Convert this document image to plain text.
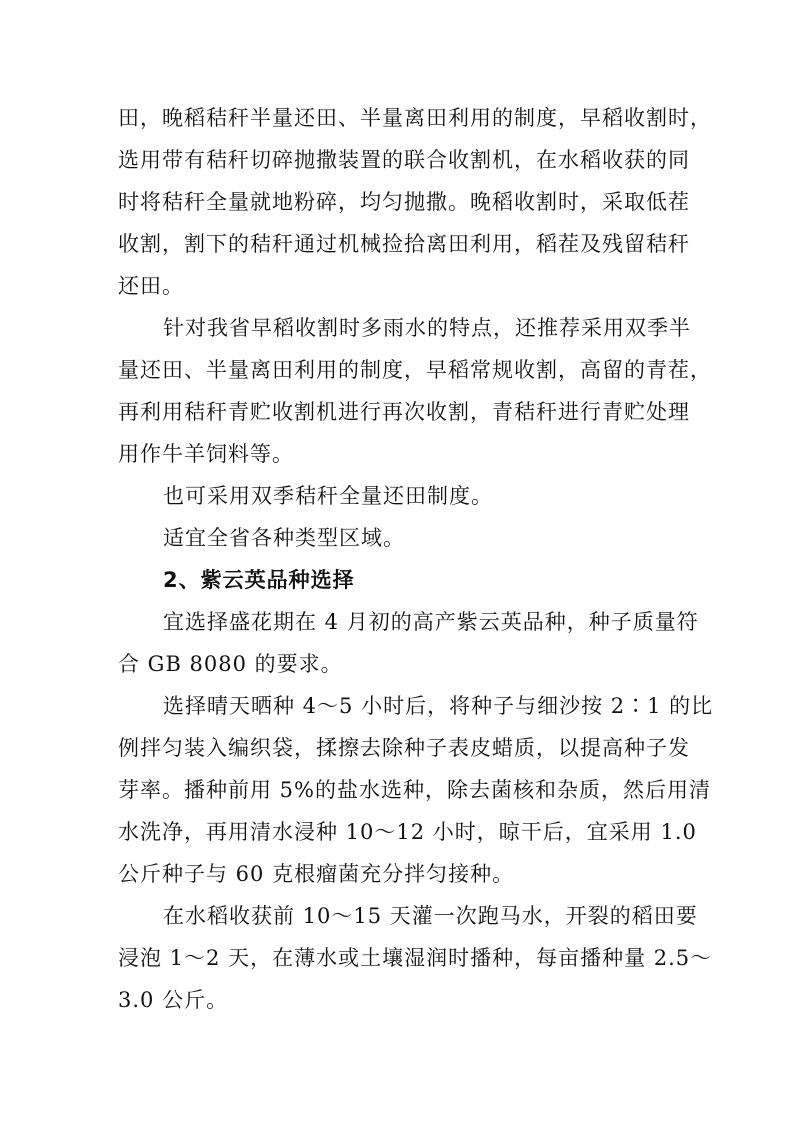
田，晚稻秸秆半量还田、半量离田利用的制度，早稻收割时，
选用带有秸秆切碎抛撒装置的联合收割机，在水稻收获的同
时将秸秆全量就地粉碎，均匀抛撒。晚稻收割时，采取低茬
收割，割下的秸秆通过机械捡拾离田利用，稻茬及残留秸秆
还田。
针对我省早稻收割时多雨水的特点，还推荐采用双季半
量还田、半量离田利用的制度，早稻常规收割，高留的青茬，
再利用秸秆青贮收割机进行再次收割，青秸秆进行青贮处理
用作牛羊饲料等。
也可采用双季秸秆全量还田制度。
适宜全省各种类型区域。
2、紫云英品种选择
宜选择盛花期在 4 月初的高产紫云英品种，种子质量符
合 GB 8080 的要求。
选择晴天晒种 4～5 小时后，将种子与细沙按 2∶1 的比
例拌匀装入编织袋，揉擦去除种子表皮蜡质，以提高种子发
芽率。播种前用 5%的盐水选种，除去菌核和杂质，然后用清
水洗净，再用清水浸种 10～12 小时，晾干后，宜采用 1.0
公斤种子与 60 克根瘤菌充分拌匀接种。
在水稻收获前 10～15 天灌一次跑马水，开裂的稻田要
浸泡 1～2 天，在薄水或土壤湿润时播种，每亩播种量 2.5～
3.0 公斤。
